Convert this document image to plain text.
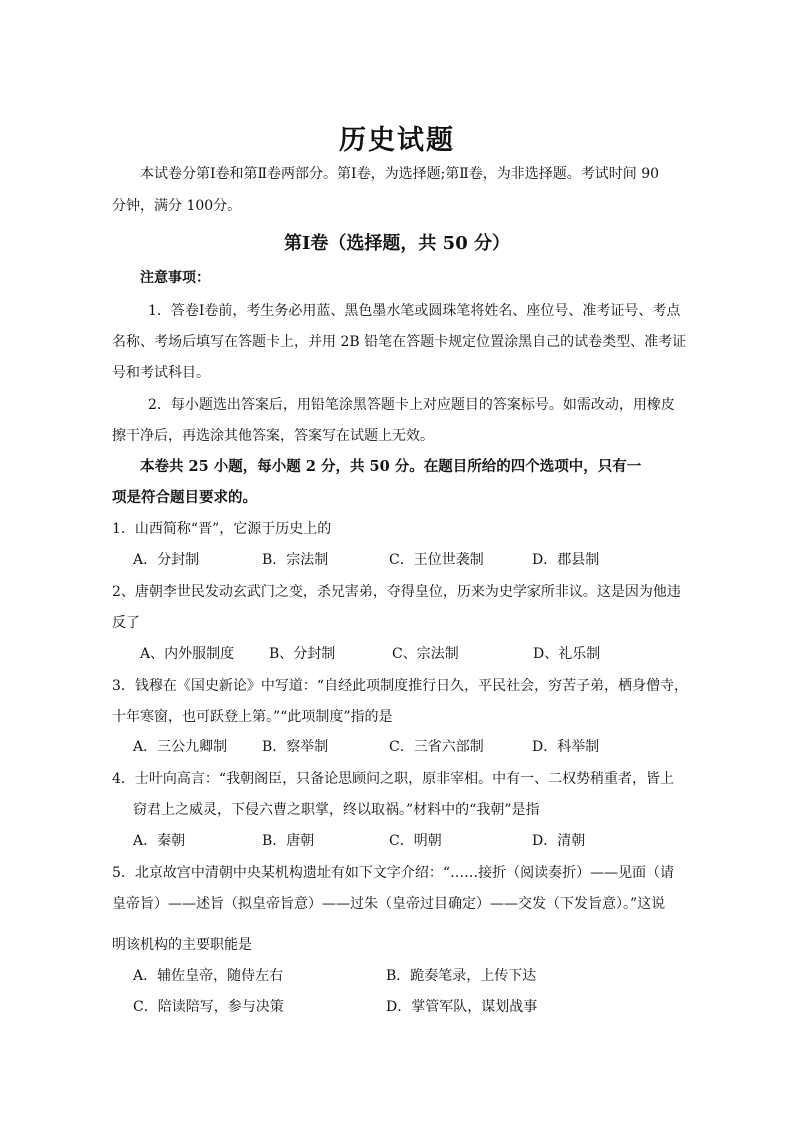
历史试题
本试卷分第Ⅰ卷和第Ⅱ卷两部分。第Ⅰ卷，为选择题;第Ⅱ卷，为非选择题。考试时间 90
分钟，满分 100分。
第Ⅰ卷（选择题，共 50 分）
注意事项：
1．答卷Ⅰ卷前，考生务必用蓝、黑色墨水笔或圆珠笔将姓名、座位号、准考证号、考点
名称、考场后填写在答题卡上，并用 2B 铅笔在答题卡规定位置涂黑自己的试卷类型、准考证
号和考试科目。
2．每小题选出答案后，用铅笔涂黑答题卡上对应题目的答案标号。如需改动，用橡皮
擦干净后，再选涂其他答案，答案写在试题上无效。
本卷共 25 小题，每小题 2 分，共 50 分。在题目所给的四个选项中，只有一
项是符合题目要求的。
1．山西简称“晋”，它源于历史上的
A．分封制	B．宗法制	C．王位世袭制	D．郡县制
2、唐朝李世民发动玄武门之变，杀兄害弟，夺得皇位，历来为史学家所非议。这是因为他违
反了
A、内外服制度 B、分封制	C、宗法制	D、礼乐制
3．钱穆在《国史新论》中写道：“自经此项制度推行日久，平民社会，穷苦子弟，栖身僧寺，
十年寒窗，也可跃登上第。”“此项制度”指的是
A．三公九卿制 B．察举制	C．三省六部制	D．科举制
4．士叶向高言：“我朝阁臣，只备论思顾问之职，原非宰相。中有一、二权势稍重者，皆上
窃君上之威灵，下侵六曹之职掌，终以取祸。”材料中的“我朝”是指
A．秦朝	B．唐朝	C．明朝	D．清朝
5．北京故宫中清朝中央某机构遗址有如下文字介绍：“……接折（阅读奏折）——见面（请
皇帝旨）——述旨（拟皇帝旨意）——过朱（皇帝过目确定）——交发（下发旨意）。”这说
明该机构的主要职能是
A．辅佐皇帝，随侍左右	B．跪奏笔录，上传下达
C．陪读陪写，参与决策	D．掌管军队，谋划战事
